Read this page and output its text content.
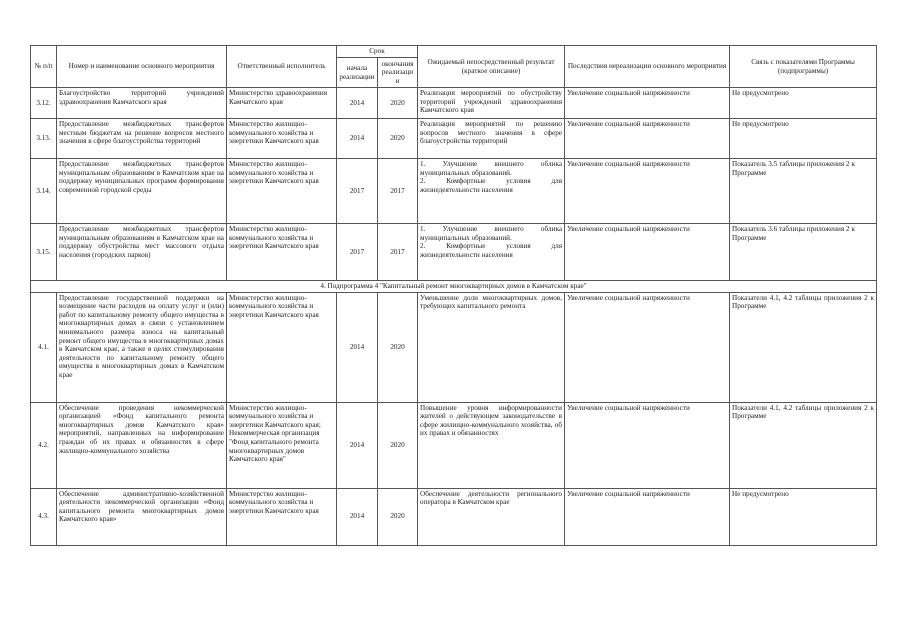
№ п/п	Номер и наименование основного мероприятия	Ответственный исполнитель	Срок		Ожидаемый непосредственный результат (краткое описание)	Последствия нереализации основного мероприятия	Связь с показателями Программы (подпрограммы)
			начала реализации	окончания реализации			
3.12.	Благоустройство территорий учреждений здравоохранения Камчатского края	Министерство здравоохранения Камчатского края	2014	2020	Реализация мероприятий по обустройству территорий учреждений здравоохранения Камчатского края	Увеличение социальной напряженности	Не предусмотрено
3.13.	Предоставление межбюджетных трансфертов местным бюджетам на решение вопросов местного значения в сфере благоустройства территорий	Министерство жилищно-коммунального хозяйства и энергетики Камчатского края	2014	2020	Реализация мероприятий по решению вопросов местного значения в сфере благоустройства территорий	Увеличение социальной напряженности	Не предусмотрено
3.14.	Предоставление межбюджетных трансфертов муниципальным образованиям в Камчатском крае на поддержку муниципальных программ формирования современной городской среды	Министерство жилищно-коммунального хозяйства и энергетики Камчатского края	2017	2017	1. Улучшение внешнего облика муниципальных образований.
2. Комфортные условия для жизнедеятельности населения	Увеличение социальной напряженности	Показатель 3.5 таблицы приложения 2 к Программе
3.15.	Предоставление межбюджетных трансфертов муниципальным образованиям в Камчатском крае на поддержку обустройства мест массового отдыха населения (городских парков)	Министерство жилищно-коммунального хозяйства и энергетики Камчатского края	2017	2017	1. Улучшение внешнего облика муниципальных образований.
2. Комфортные условия для жизнедеятельности населения	Увеличение социальной напряженности	Показатель 3.6 таблицы приложения 2 к Программе
4. Подпрограмма 4 "Капитальный ремонт многоквартирных домов в Камчатском крае"							
4.1.	Предоставление государственной поддержки на возмещение части расходов на оплату услуг и (или) работ по капитальному ремонту общего имущества в многоквартирных домах в связи с установлением минимального размера взноса на капитальный ремонт общего имущества в многоквартирных домах в Камчатском крае, а также в целях стимулирования деятельности по капитальному ремонту общего имущества в многоквартирных домах в Камчатском крае	Министерство жилищно-коммунального хозяйства и энергетики Камчатского края	2014	2020	Уменьшение доли многоквартирных домов, требующих капитального ремонта	Увеличение социальной напряженности	Показатели 4.1, 4.2 таблицы приложения 2 к Программе
4.2.	Обеспечение проведения некоммерческой организацией «Фонд капитального ремонта многоквартирных домов Камчатского края» мероприятий, направленных на информирование граждан об их правах и обязанностях в сфере жилищно-коммунального хозяйства	Министерство жилищно-коммунального хозяйства и энергетики Камчатского края; Некоммерческая организация "Фонд капитального ремонта многоквартирных домов Камчатского края"	2014	2020	Повышение уровня информированности жителей о действующем законодательстве в сфере жилищно-коммунального хозяйства, об их правах и обязанностях	Увеличение социальной напряженности	Показатели 4.1, 4.2 таблицы приложения 2 к Программе
4.3.	Обеспечение административно-хозяйственной деятельности некоммерческой организации «Фонд капитального ремонта многоквартирных домов Камчатского края»	Министерство жилищно-коммунального хозяйства и энергетики Камчатского края	2014	2020	Обеспечение деятельности регионального оператора в Камчатском крае	Увеличение социальной напряженности	Не предусмотрено
